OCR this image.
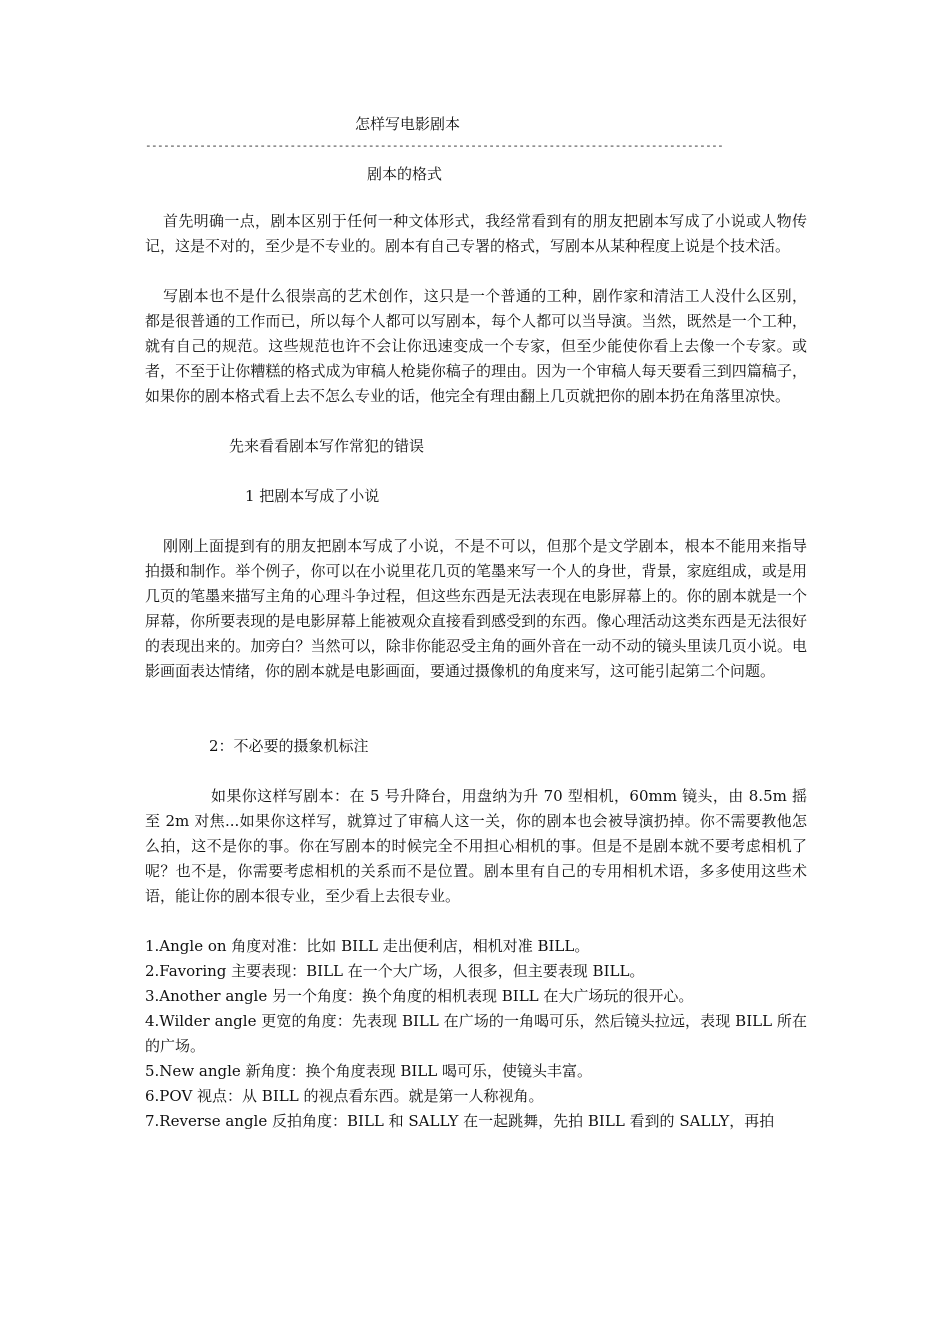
怎样写电影剧本
------------------------------------------------------------------------------------------------
剧本的格式

首先明确一点，剧本区别于任何一种文体形式，我经常看到有的朋友把剧本写成了小说或人物传记，这是不对的，至少是不专业的。剧本有自己专署的格式，写剧本从某种程度上说是个技术活。

写剧本也不是什么很崇高的艺术创作，这只是一个普通的工种，剧作家和清洁工人没什么区别，都是很普通的工作而已，所以每个人都可以写剧本，每个人都可以当导演。当然，既然是一个工种，就有自己的规范。这些规范也许不会让你迅速变成一个专家，但至少能使你看上去像一个专家。或者，不至于让你糟糕的格式成为审稿人枪毙你稿子的理由。因为一个审稿人每天要看三到四篇稿子，如果你的剧本格式看上去不怎么专业的话，他完全有理由翻上几页就把你的剧本扔在角落里凉快。

先来看看剧本写作常犯的错误

1 把剧本写成了小说

刚刚上面提到有的朋友把剧本写成了小说，不是不可以，但那个是文学剧本，根本不能用来指导拍摄和制作。举个例子，你可以在小说里花几页的笔墨来写一个人的身世，背景，家庭组成，或是用几页的笔墨来描写主角的心理斗争过程，但这些东西是无法表现在电影屏幕上的。你的剧本就是一个屏幕，你所要表现的是电影屏幕上能被观众直接看到感受到的东西。像心理活动这类东西是无法很好的表现出来的。加旁白？当然可以，除非你能忍受主角的画外音在一动不动的镜头里读几页小说。电影画面表达情绪，你的剧本就是电影画面，要通过摄像机的角度来写，这可能引起第二个问题。

2：不必要的摄象机标注

如果你这样写剧本：在 5 号升降台，用盘纳为升 70 型相机，60mm 镜头，由 8.5m 摇至 2m 对焦...如果你这样写，就算过了审稿人这一关，你的剧本也会被导演扔掉。你不需要教他怎么拍，这不是你的事。你在写剧本的时候完全不用担心相机的事。但是不是剧本就不要考虑相机了呢？也不是，你需要考虑相机的关系而不是位置。剧本里有自己的专用相机术语，多多使用这些术语，能让你的剧本很专业，至少看上去很专业。

1.Angle on 角度对准：比如 BILL 走出便利店，相机对准 BILL。
2.Favoring 主要表现：BILL 在一个大广场，人很多，但主要表现 BILL。
3.Another angle 另一个角度：换个角度的相机表现 BILL 在大广场玩的很开心。
4.Wilder angle 更宽的角度：先表现 BILL 在广场的一角喝可乐，然后镜头拉远，表现 BILL 所在的广场。
5.New angle 新角度：换个角度表现 BILL 喝可乐，使镜头丰富。
6.POV 视点：从 BILL 的视点看东西。就是第一人称视角。
7.Reverse angle 反拍角度：BILL 和 SALLY 在一起跳舞，先拍 BILL 看到的 SALLY，再拍
